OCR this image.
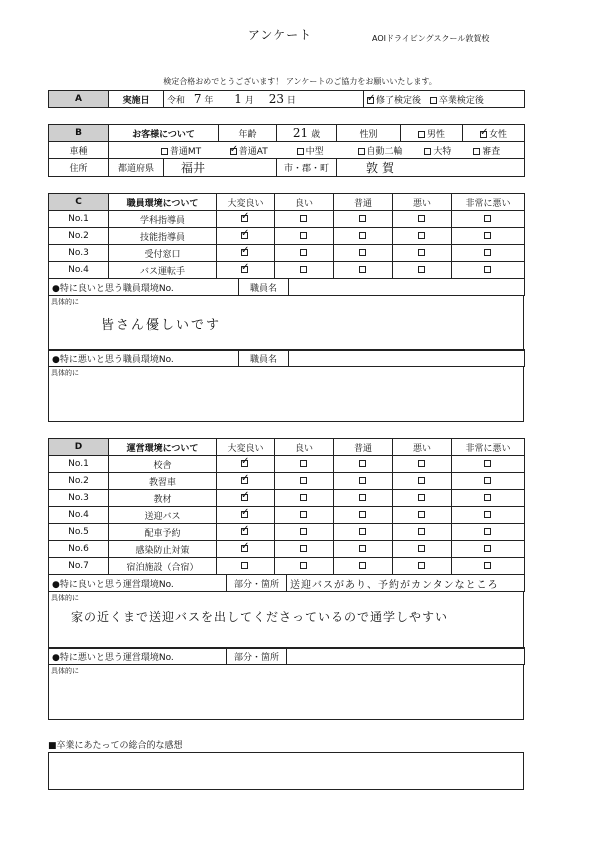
アンケート	AOIドライビングスクール敦賀校
検定合格おめでとうございます！ アンケートのご協力をお願いいたします。
A	実施日	令和 7 年 1 月 23 日	✓修了検定後 卒業検定後
B	お客様について		年齢	21 歳	性別	男性	✓女性
車種	普通MT ✓ 普通AT 中型 自動二輪 大特 審査
住所	都道府県	福井		市・郡・町	敦賀		
C	職員環境について	大変良い	良い	普通	悪い	非常に悪い
No.1	学科指導員	✓				
No.2	技能指導員	✓				
No.3	受付窓口	✓				
No.4	バス運転手	✓				
●特に良いと思う職員環境No.	職員名	
具体的に
皆さん優しいです
●特に悪いと思う職員環境No.	職員名	
具体的に
D	運営環境について	大変良い	良い	普通	悪い	非常に悪い
No.1	校舎	✓				
No.2	教習車	✓				
No.3	教材	✓				
No.4	送迎バス	✓				
No.5	配車予約	✓				
No.6	感染防止対策	✓				
No.7	宿泊施設（合宿）					
●特に良いと思う運営環境No.	部分・箇所	送迎バスがあり、予約がカンタンなところ
具体的に
家の近くまで送迎バスを出してくださっているので通学しやすい
●特に悪いと思う運営環境No.	部分・箇所	
具体的に
■卒業にあたっての総合的な感想
